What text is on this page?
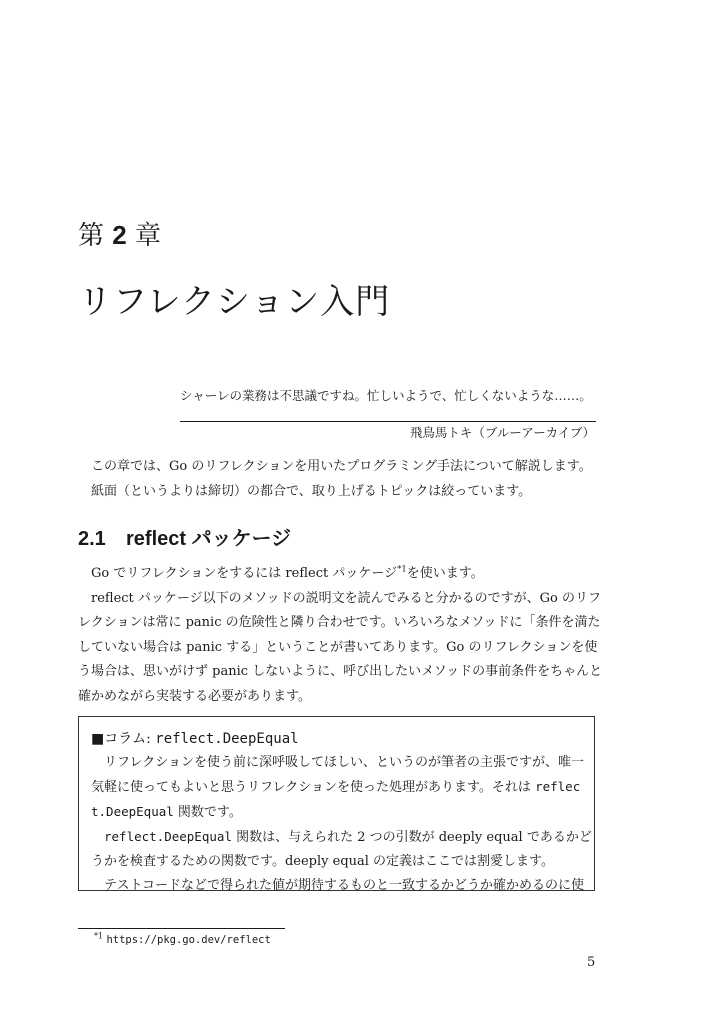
第 2 章
リフレクション入門
シャーレの業務は不思議ですね。忙しいようで、忙しくないような……。
飛鳥馬トキ（ブルーアーカイブ）

この章では、Go のリフレクションを用いたプログラミング手法について解説します。

紙面（というよりは締切）の都合で、取り上げるトピックは絞っています。

2.1 reflect パッケージ

Go でリフレクションをするには reflect パッケージ$^{*1}$を使います。

reflect パッケージ以下のメソッドの説明文を読んでみると分かるのですが、Go のリフ

レクションは常に panic の危険性と隣り合わせです。いろいろなメソッドに「条件を満た

していない場合は panic する」ということが書いてあります。Go のリフレクションを使

う場合は、思いがけず panic しないように、呼び出したいメソッドの事前条件をちゃんと

確かめながら実装する必要があります。

■コラム: reflect.DeepEqual

リフレクションを使う前に深呼吸してほしい、というのが筆者の主張ですが、唯一

気軽に使ってもよいと思うリフレクションを使った処理があります。それは reflec

t.DeepEqual 関数です。

reflect.DeepEqual 関数は、与えられた 2 つの引数が deeply equal であるかど

うかを検査するための関数です。deeply equal の定義はここでは割愛します。

テストコードなどで得られた値が期待するものと一致するかどうか確かめるのに使

$^{*1}$ https://pkg.go.dev/reflect
5
